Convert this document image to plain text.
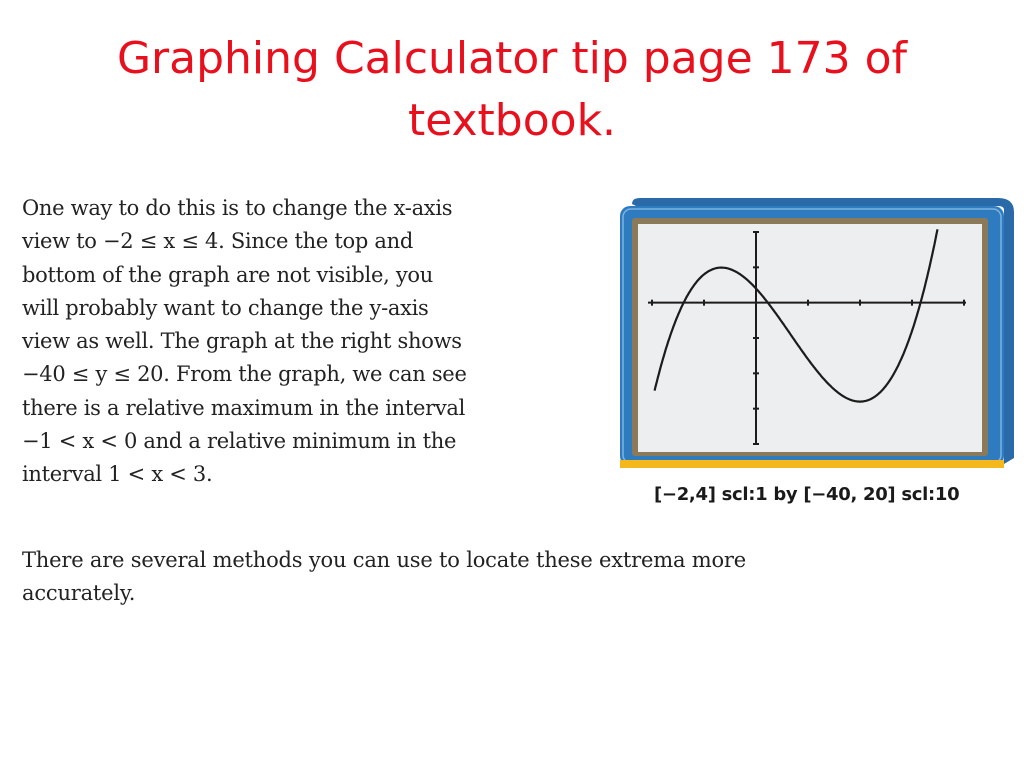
Graphing Calculator tip page 173 of
textbook.
One way to do this is to change the x-axis
view to −2 ≤ x ≤ 4. Since the top and
bottom of the graph are not visible, you
will probably want to change the y-axis
view as well. The graph at the right shows
−40 ≤ y ≤ 20. From the graph, we can see
there is a relative maximum in the interval
−1 < x < 0 and a relative minimum in the
interval 1 < x < 3.
[−2,4] scl:1 by [−40, 20] scl:10
There are several methods you can use to locate these extrema more
accurately.
